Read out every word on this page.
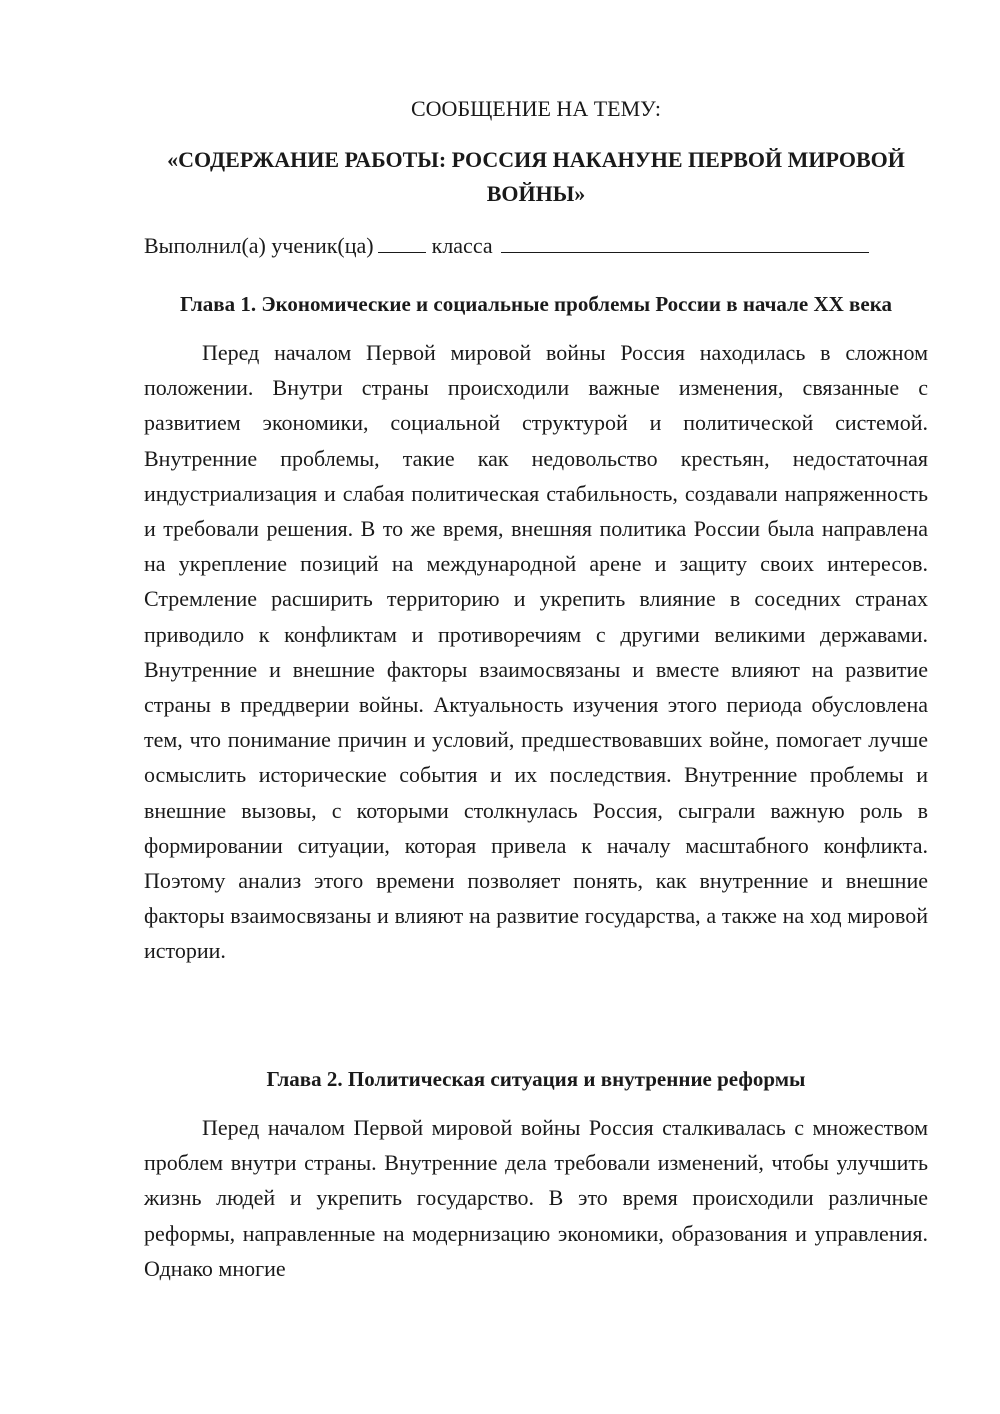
СООБЩЕНИЕ НА ТЕМУ:
«СОДЕРЖАНИЕ РАБОТЫ: РОССИЯ НАКАНУНЕ ПЕРВОЙ МИРОВОЙ ВОЙНЫ»
Выполнил(а) ученик(ца)	класса
Глава 1. Экономические и социальные проблемы России в начале XX века

Перед началом Первой мировой войны Россия находилась в сложном положении. Внутри страны происходили важные изменения, связанные с развитием экономики, социальной структурой и политической системой. Внутренние проблемы, такие как недовольство крестьян, недостаточная индустриализация и слабая политическая стабильность, создавали напряженность и требовали решения. В то же время, внешняя политика России была направлена на укрепление позиций на международной арене и защиту своих интересов. Стремление расширить территорию и укрепить влияние в соседних странах приводило к конфликтам и противоречиям с другими великими державами. Внутренние и внешние факторы взаимосвязаны и вместе влияют на развитие страны в преддверии войны. Актуальность изучения этого периода обусловлена тем, что понимание причин и условий, предшествовавших войне, помогает лучше осмыслить исторические события и их последствия. Внутренние проблемы и внешние вызовы, с которыми столкнулась Россия, сыграли важную роль в формировании ситуации, которая привела к началу масштабного конфликта. Поэтому анализ этого времени позволяет понять, как внутренние и внешние факторы взаимосвязаны и влияют на развитие государства, а также на ход мировой истории.

Глава 2. Политическая ситуация и внутренние реформы

Перед началом Первой мировой войны Россия сталкивалась с множеством проблем внутри страны. Внутренние дела требовали изменений, чтобы улучшить жизнь людей и укрепить государство. В это время происходили различные реформы, направленные на модернизацию экономики, образования и управления. Однако многие
